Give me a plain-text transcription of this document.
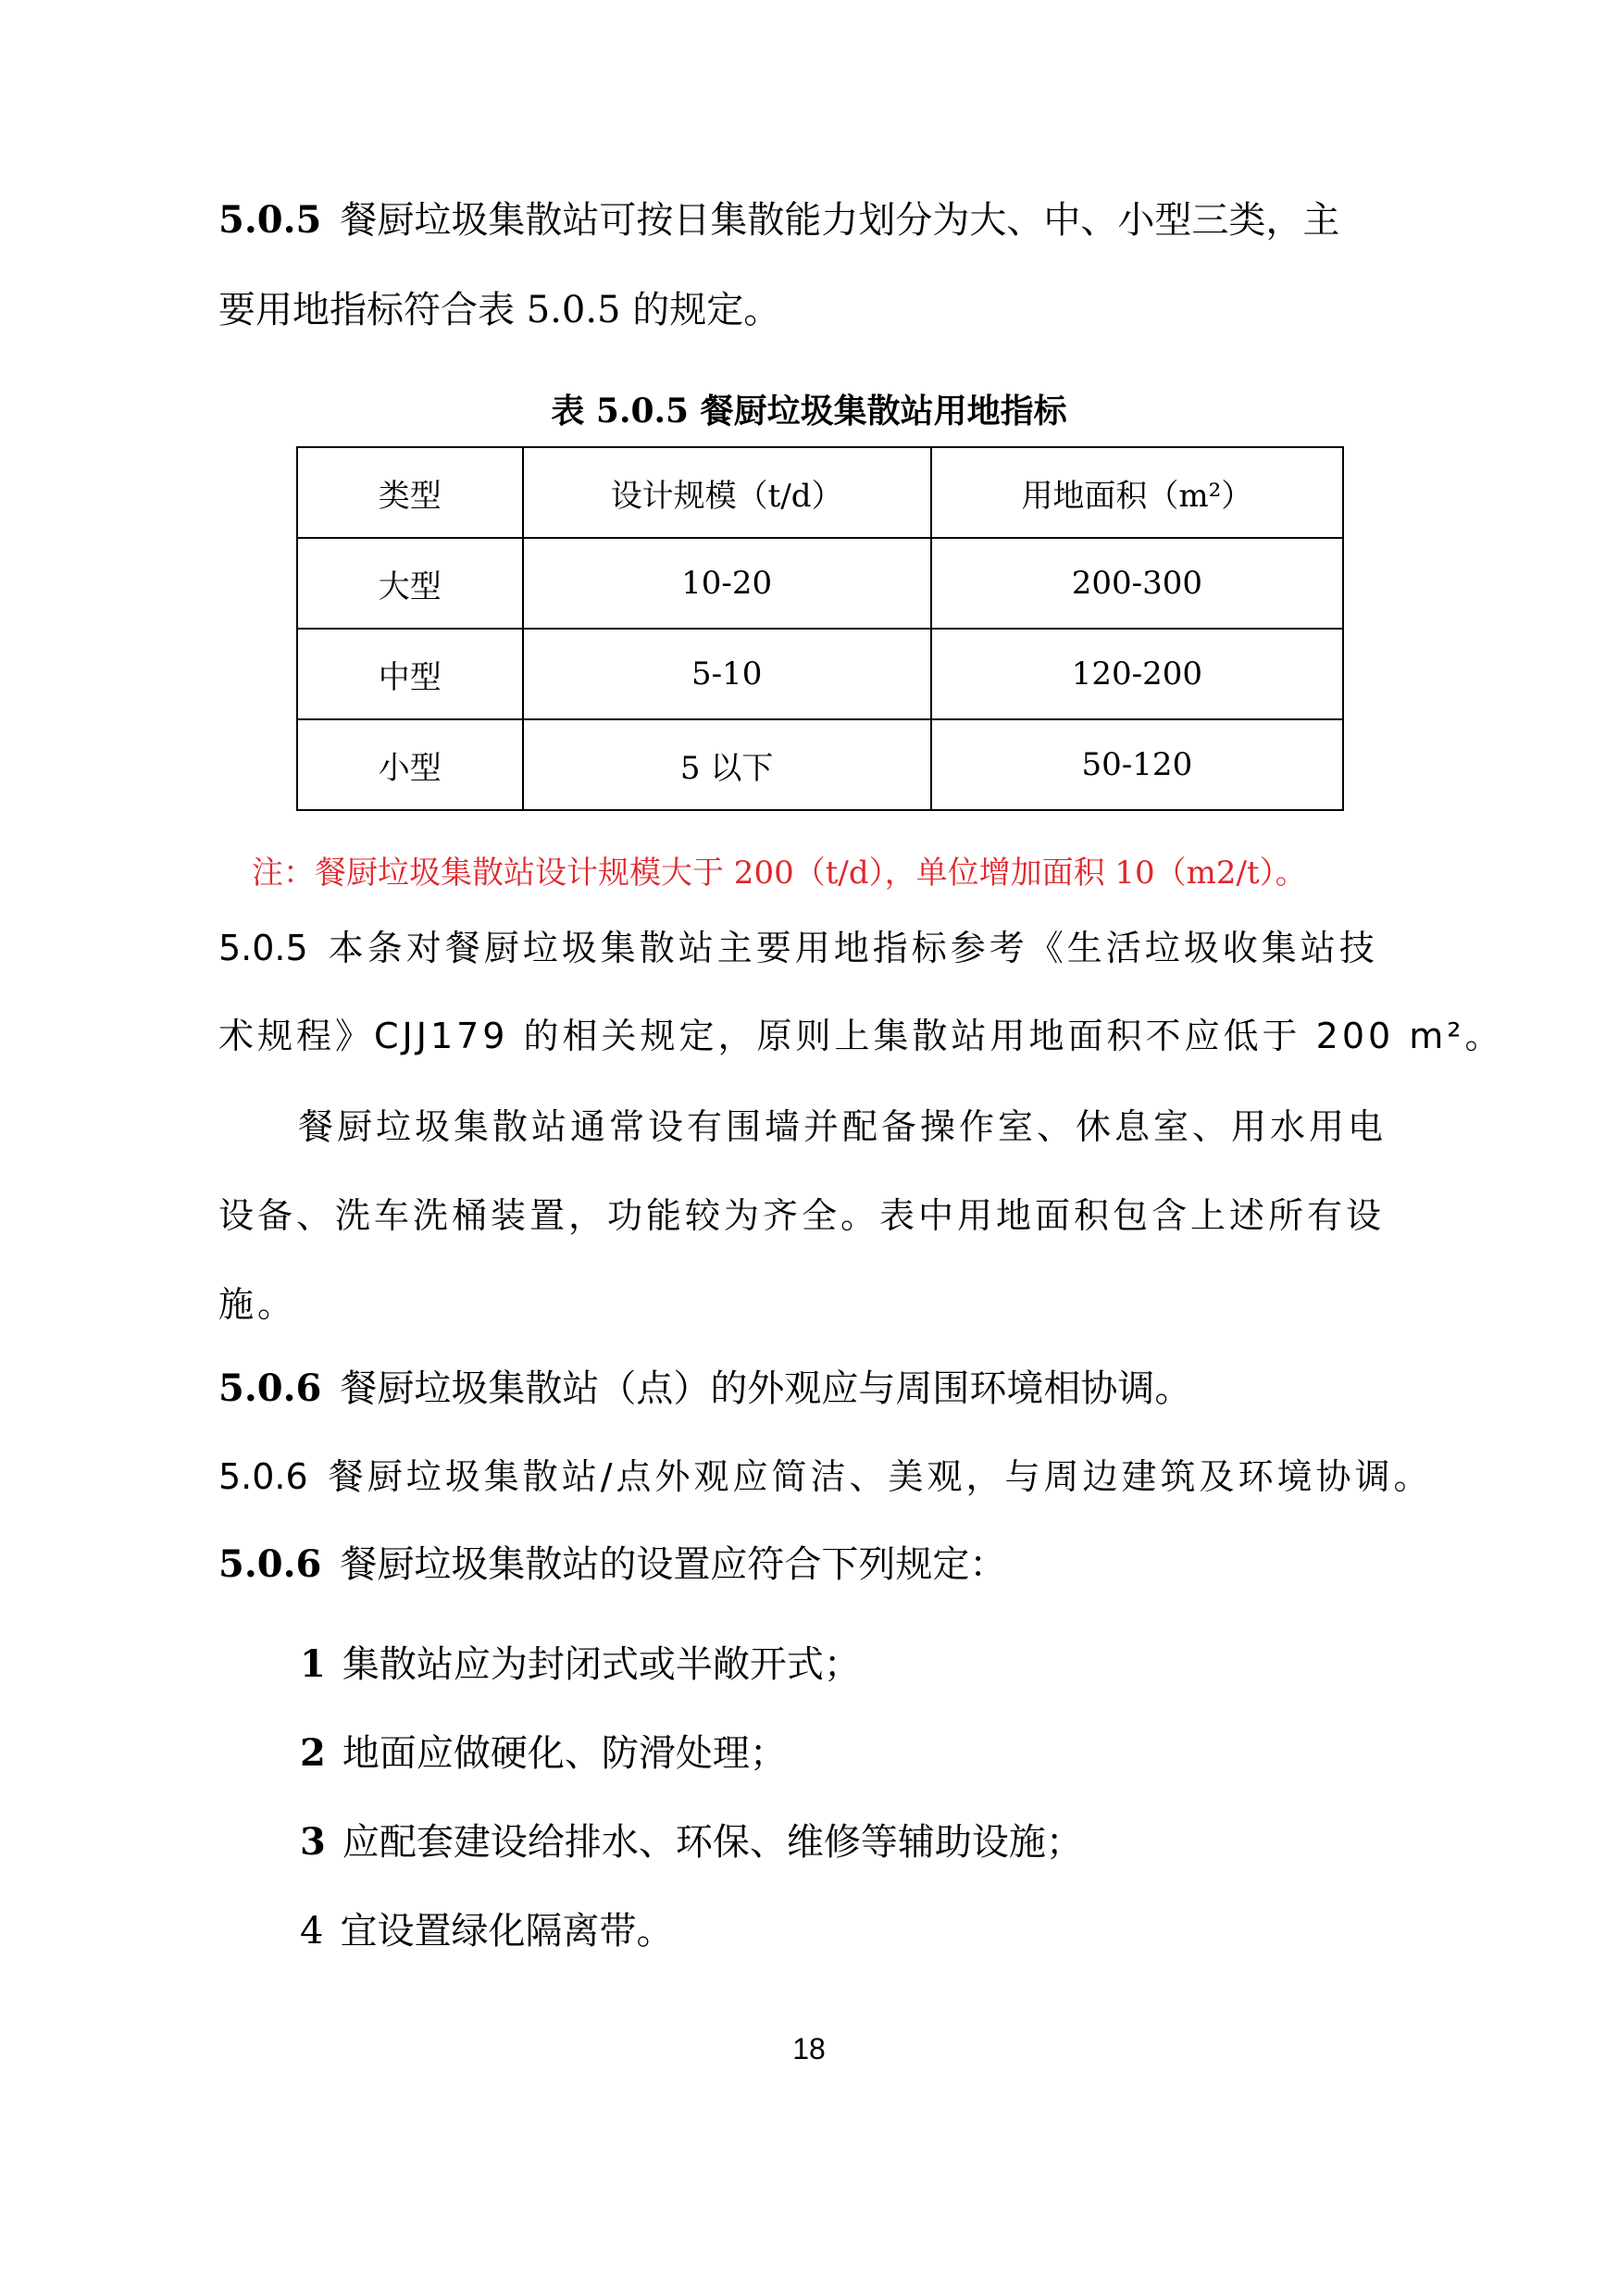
5.0.5 餐厨垃圾集散站可按日集散能力划分为大、中、小型三类，主
要用地指标符合表 5.0.5 的规定。
表 5.0.5 餐厨垃圾集散站用地指标
类型	设计规模（t/d）	用地面积（m²）
大型	10-20	200-300
中型	5-10	120-200
小型	5 以下	50-120
注：餐厨垃圾集散站设计规模大于 200（t/d），单位增加面积 10（m2/t）。
5.0.5 本条对餐厨垃圾集散站主要用地指标参考《生活垃圾收集站技
术规程》CJJ179 的相关规定，原则上集散站用地面积不应低于 200 m²。
餐厨垃圾集散站通常设有围墙并配备操作室、休息室、用水用电
设备、洗车洗桶装置，功能较为齐全。表中用地面积包含上述所有设
施。
5.0.6 餐厨垃圾集散站（点）的外观应与周围环境相协调。
5.0.6 餐厨垃圾集散站/点外观应简洁、美观，与周边建筑及环境协调。
5.0.6 餐厨垃圾集散站的设置应符合下列规定：
1 集散站应为封闭式或半敞开式；
2 地面应做硬化、防滑处理；
3 应配套建设给排水、环保、维修等辅助设施；
4 宜设置绿化隔离带。
18
